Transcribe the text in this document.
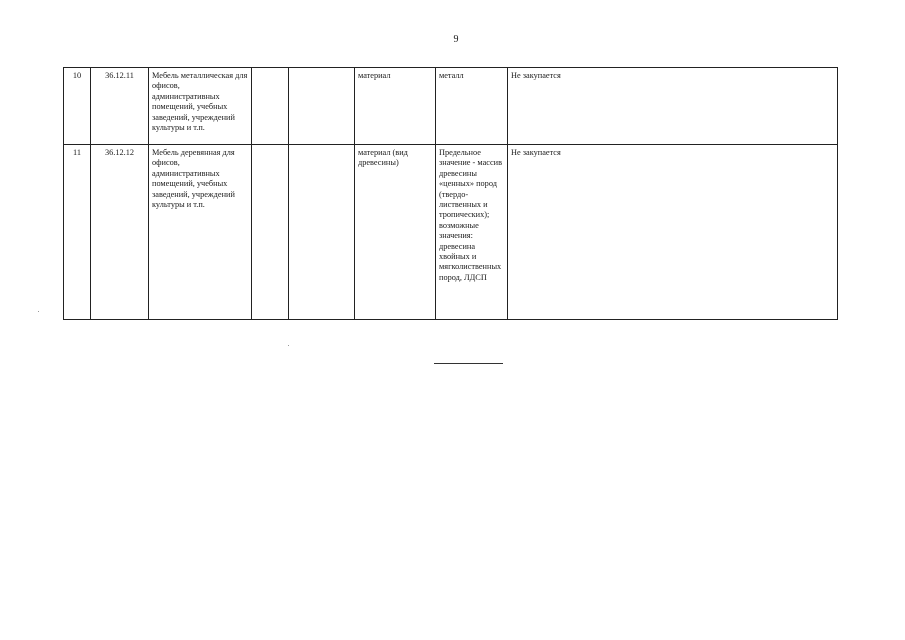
9
10	36.12.11	Мебель металлическая для офисов, административных помещений, учебных заведений, учреждений культуры и т.п.			материал	металл	Не закупается
11	36.12.12	Мебель деревянная для офисов, административных помещений, учебных заведений, учреждений культуры и т.п.			материал (вид древесины)	Предельное значение - массив древесины «ценных» пород (твердо-лиственных и тропических); возможные значения: древесина хвойных и мягколиственных пород, ЛДСП	Не закупается
